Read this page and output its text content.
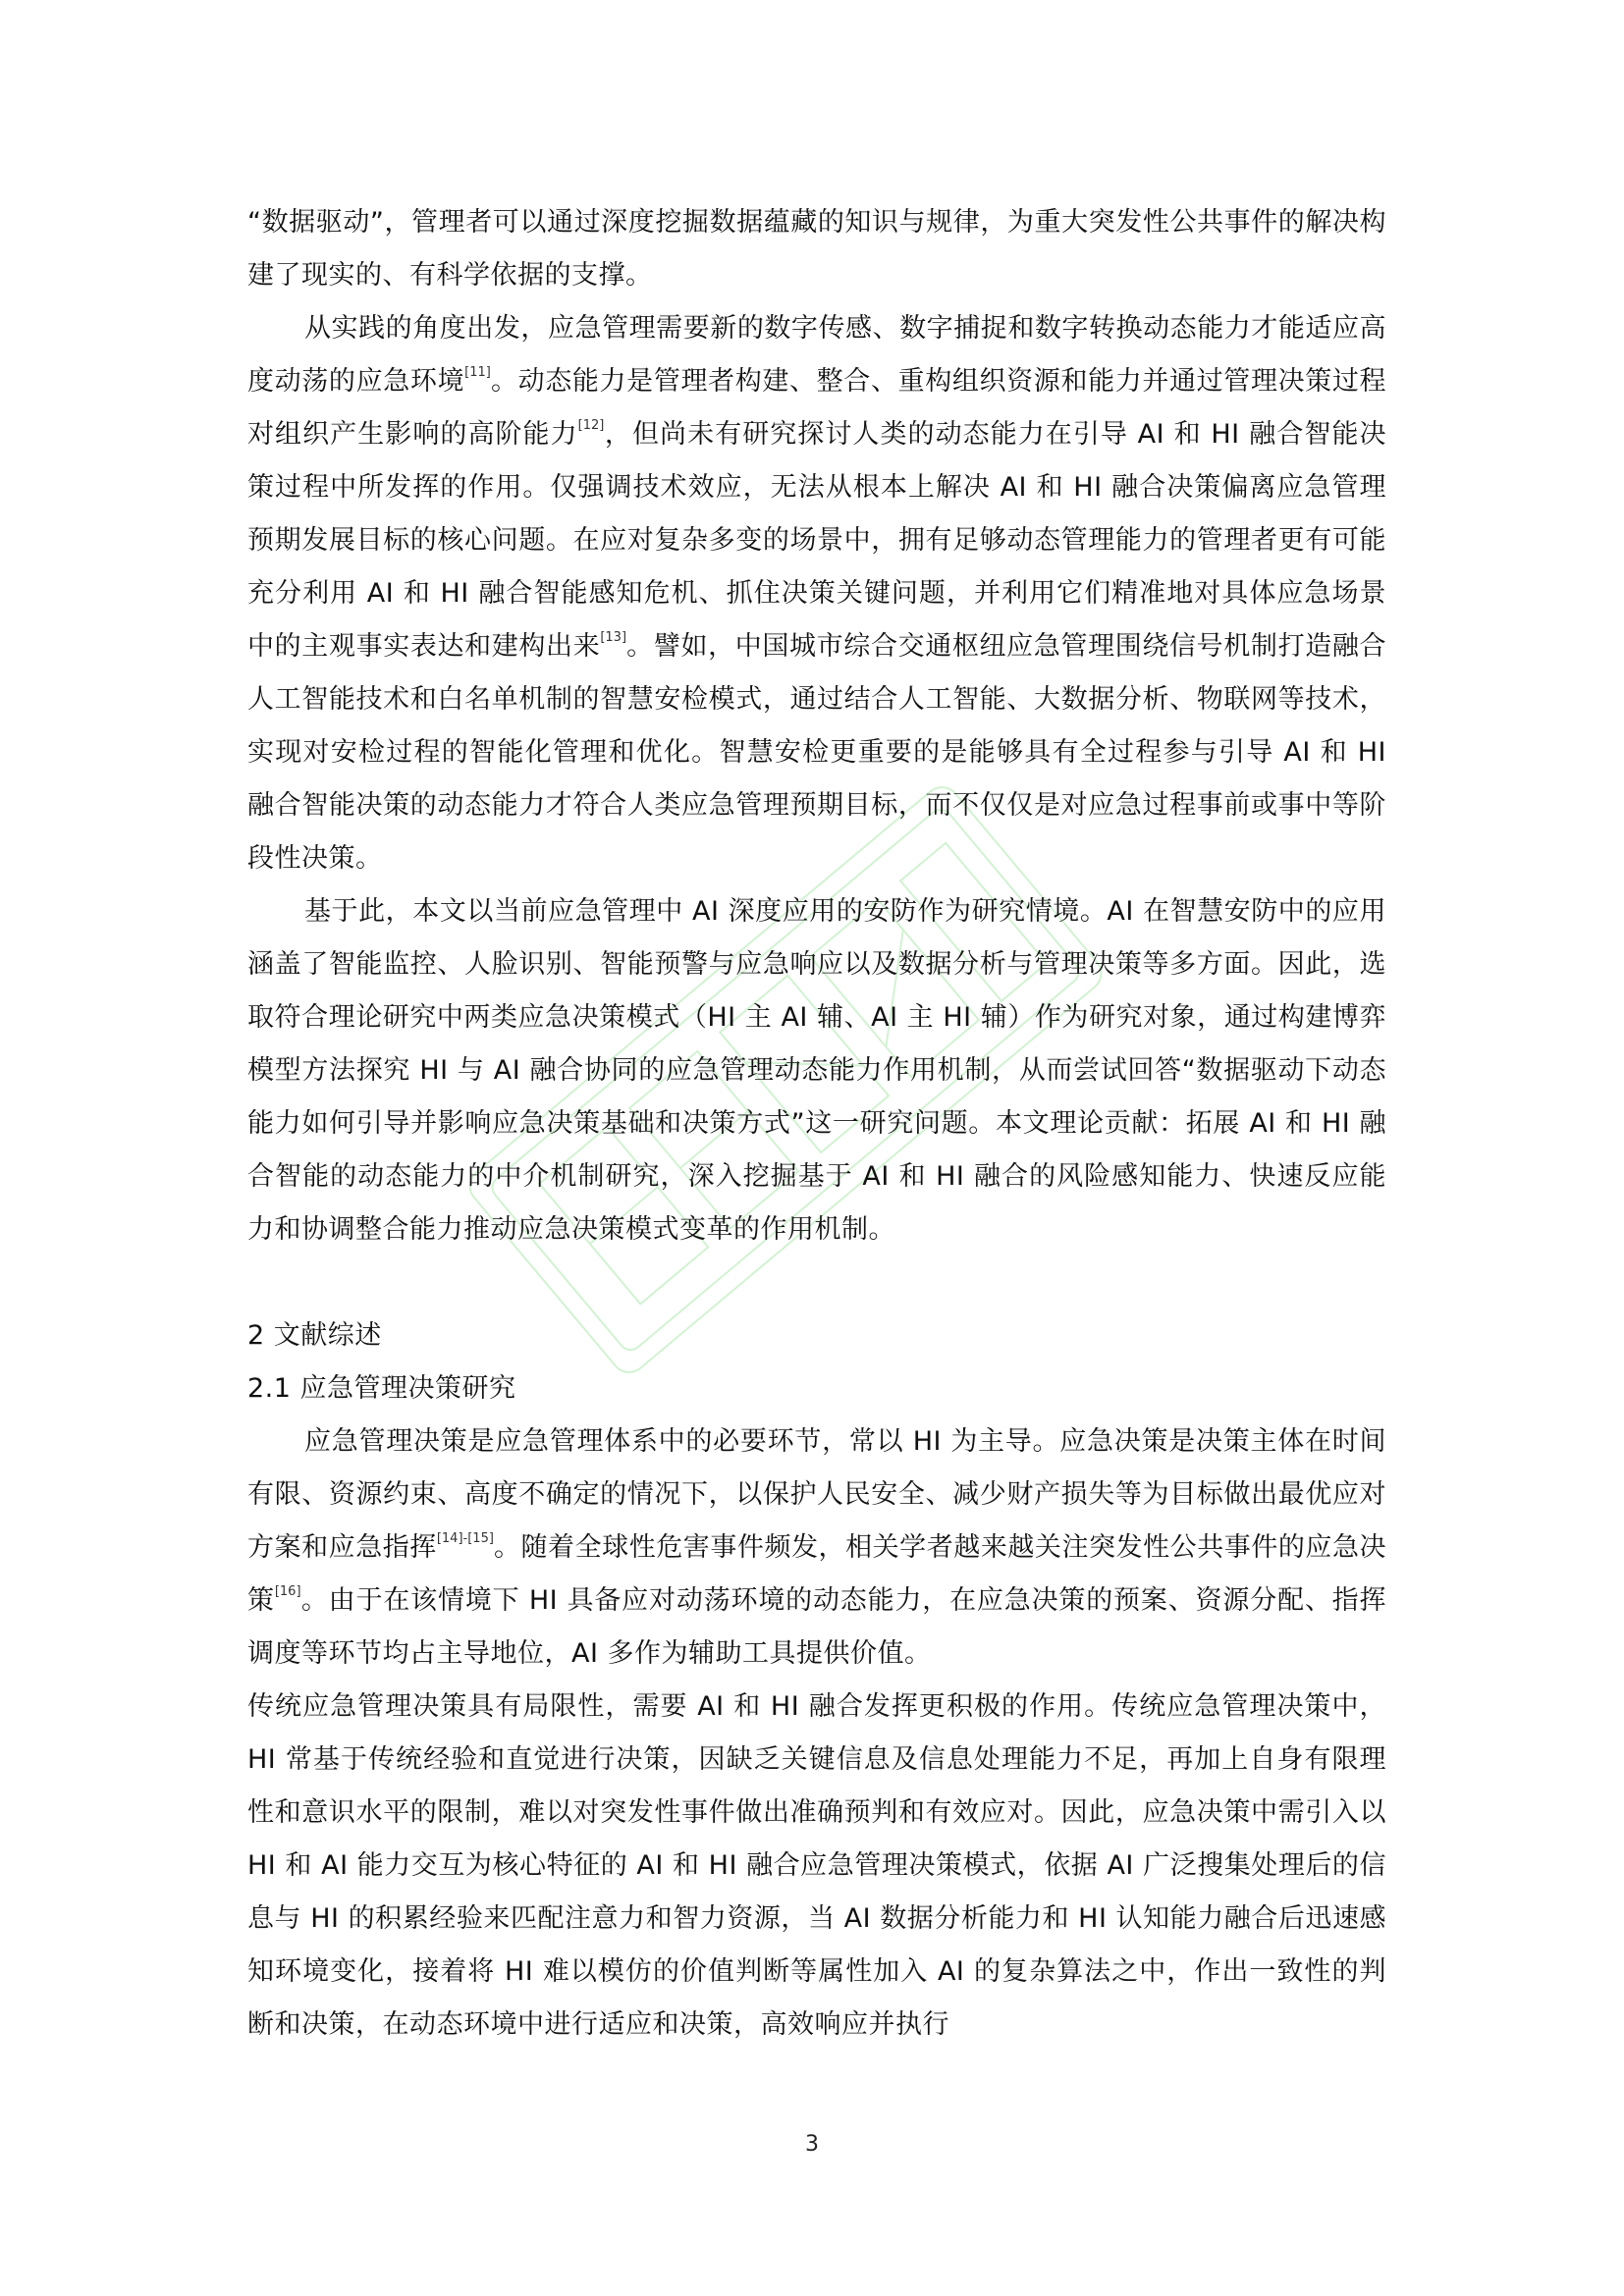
“数据驱动”，管理者可以通过深度挖掘数据蕴藏的知识与规律，为重大突发性公共事件的解决构建了现实的、有科学依据的支撑。

从实践的角度出发，应急管理需要新的数字传感、数字捕捉和数字转换动态能力才能适应高度动荡的应急环境[11]。动态能力是管理者构建、整合、重构组织资源和能力并通过管理决策过程对组织产生影响的高阶能力[12]，但尚未有研究探讨人类的动态能力在引导 AI 和 HI 融合智能决策过程中所发挥的作用。仅强调技术效应，无法从根本上解决 AI 和 HI 融合决策偏离应急管理预期发展目标的核心问题。在应对复杂多变的场景中，拥有足够动态管理能力的管理者更有可能充分利用 AI 和 HI 融合智能感知危机、抓住决策关键问题，并利用它们精准地对具体应急场景中的主观事实表达和建构出来[13]。譬如，中国城市综合交通枢纽应急管理围绕信号机制打造融合人工智能技术和白名单机制的智慧安检模式，通过结合人工智能、大数据分析、物联网等技术，实现对安检过程的智能化管理和优化。智慧安检更重要的是能够具有全过程参与引导 AI 和 HI 融合智能决策的动态能力才符合人类应急管理预期目标，而不仅仅是对应急过程事前或事中等阶段性决策。

基于此，本文以当前应急管理中 AI 深度应用的安防作为研究情境。AI 在智慧安防中的应用涵盖了智能监控、人脸识别、智能预警与应急响应以及数据分析与管理决策等多方面。因此，选取符合理论研究中两类应急决策模式（HI 主 AI 辅、AI 主 HI 辅）作为研究对象，通过构建博弈模型方法探究 HI 与 AI 融合协同的应急管理动态能力作用机制，从而尝试回答“数据驱动下动态能力如何引导并影响应急决策基础和决策方式”这一研究问题。本文理论贡献：拓展 AI 和 HI 融合智能的动态能力的中介机制研究，深入挖掘基于 AI 和 HI 融合的风险感知能力、快速反应能力和协调整合能力推动应急决策模式变革的作用机制。

2 文献综述
2.1 应急管理决策研究

应急管理决策是应急管理体系中的必要环节，常以 HI 为主导。应急决策是决策主体在时间有限、资源约束、高度不确定的情况下，以保护人民安全、减少财产损失等为目标做出最优应对方案和应急指挥[14]-[15]。随着全球性危害事件频发，相关学者越来越关注突发性公共事件的应急决策[16]。由于在该情境下 HI 具备应对动荡环境的动态能力，在应急决策的预案、资源分配、指挥调度等环节均占主导地位，AI 多作为辅助工具提供价值。

传统应急管理决策具有局限性，需要 AI 和 HI 融合发挥更积极的作用。传统应急管理决策中，HI 常基于传统经验和直觉进行决策，因缺乏关键信息及信息处理能力不足，再加上自身有限理性和意识水平的限制，难以对突发性事件做出准确预判和有效应对。因此，应急决策中需引入以 HI 和 AI 能力交互为核心特征的 AI 和 HI 融合应急管理决策模式，依据 AI 广泛搜集处理后的信息与 HI 的积累经验来匹配注意力和智力资源，当 AI 数据分析能力和 HI 认知能力融合后迅速感知环境变化，接着将 HI 难以模仿的价值判断等属性加入 AI 的复杂算法之中，作出一致性的判断和决策，在动态环境中进行适应和决策，高效响应并执行

3
